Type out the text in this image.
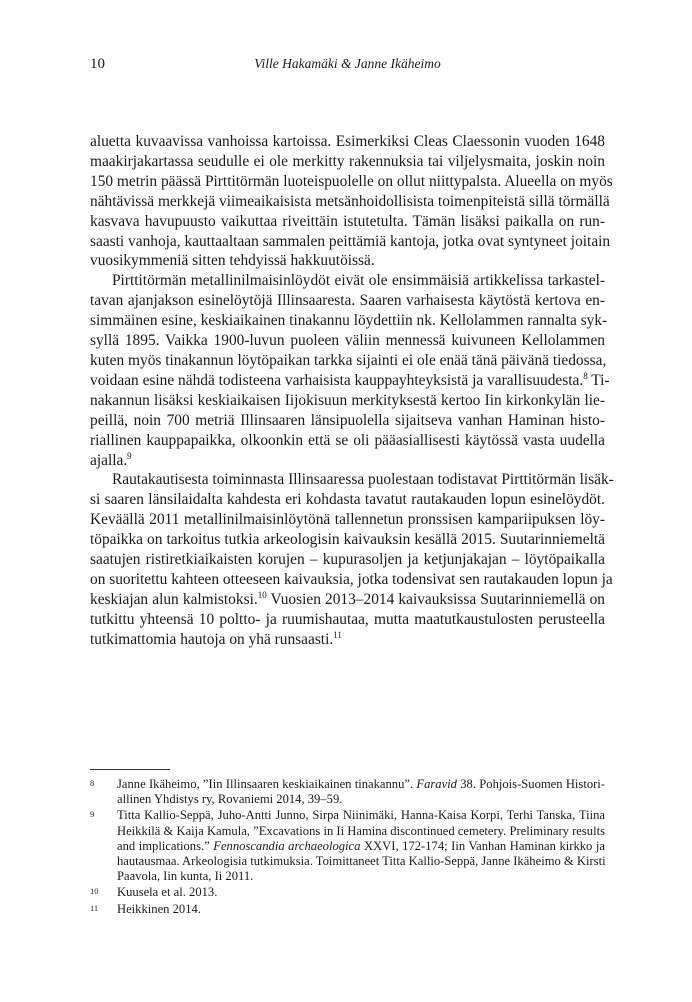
10	Ville Hakamäki & Janne Ikäheimo
aluetta kuvaavissa vanhoissa kartoissa. Esimerkiksi Cleas Claessonin vuoden 1648
maakirjakartassa seudulle ei ole merkitty rakennuksia tai viljelysmaita, joskin noin
150 metrin päässä Pirttitörmän luoteispuolelle on ollut niittypalsta. Alueella on myös
nähtävissä merkkejä viimeaikaisista metsänhoidollisista toimenpiteistä sillä törmällä
kasvava havupuusto vaikuttaa riveittäin istutetulta. Tämän lisäksi paikalla on run-
saasti vanhoja, kauttaaltaan sammalen peittämiä kantoja, jotka ovat syntyneet joitain
vuosikymmeniä sitten tehdyissä hakkuutöissä.
Pirttitörmän metallinilmaisinlöydöt eivät ole ensimmäisiä artikkelissa tarkastel-
tavan ajanjakson esinelöytöjä Illinsaaresta. Saaren varhaisesta käytöstä kertova en-
simmäinen esine, keskiaikainen tinakannu löydettiin nk. Kellolammen rannalta syk-
syllä 1895. Vaikka 1900-luvun puoleen väliin mennessä kuivuneen Kellolammen
kuten myös tinakannun löytöpaikan tarkka sijainti ei ole enää tänä päivänä tiedossa,
voidaan esine nähdä todisteena varhaisista kauppayhteyksistä ja varallisuudesta.$^8$ Ti-
nakannun lisäksi keskiaikaisen Iijokisuun merkityksestä kertoo Iin kirkonkylän lie-
peillä, noin 700 metriä Illinsaaren länsipuolella sijaitseva vanhan Haminan histo-
riallinen kauppapaikka, olkoonkin että se oli pääasiallisesti käytössä vasta uudella
ajalla.$^9$
Rautakautisesta toiminnasta Illinsaaressa puolestaan todistavat Pirttitörmän lisäk-
si saaren länsilaidalta kahdesta eri kohdasta tavatut rautakauden lopun esinelöydöt.
Keväällä 2011 metallinilmaisinlöytönä tallennetun pronssisen kampariipuksen löy-
töpaikka on tarkoitus tutkia arkeologisin kaivauksin kesällä 2015. Suutarinniemeltä
saatujen ristiretkiaikaisten korujen – kupurasoljen ja ketjunjakajan – löytöpaikalla
on suoritettu kahteen otteeseen kaivauksia, jotka todensivat sen rautakauden lopun ja
keskiajan alun kalmistoksi.$^{10}$ Vuosien 2013–2014 kaivauksissa Suutarinniemellä on
tutkittu yhteensä 10 poltto- ja ruumishautaa, mutta maatutkaustulosten perusteella
tutkimattomia hautoja on yhä runsaasti.$^{11}$
8 Janne Ikäheimo, ”Iin Illinsaaren keskiaikainen tinakannu”. Faravid 38. Pohjois-Suomen Histori-
allinen Yhdistys ry, Rovaniemi 2014, 39–59.
9 Titta Kallio-Seppä, Juho-Antti Junno, Sirpa Niinimäki, Hanna-Kaisa Korpi, Terhi Tanska, Tiina
Heikkilä & Kaija Kamula, ”Excavations in Ii Hamina discontinued cemetery. Preliminary results
and implications.” Fennoscandia archaeologica XXVI, 172-174; Iin Vanhan Haminan kirkko ja
hautausmaa. Arkeologisia tutkimuksia. Toimittaneet Titta Kallio-Seppä, Janne Ikäheimo & Kirsti
Paavola, Iin kunta, Ii 2011.
10 Kuusela et al. 2013.
11 Heikkinen 2014.
